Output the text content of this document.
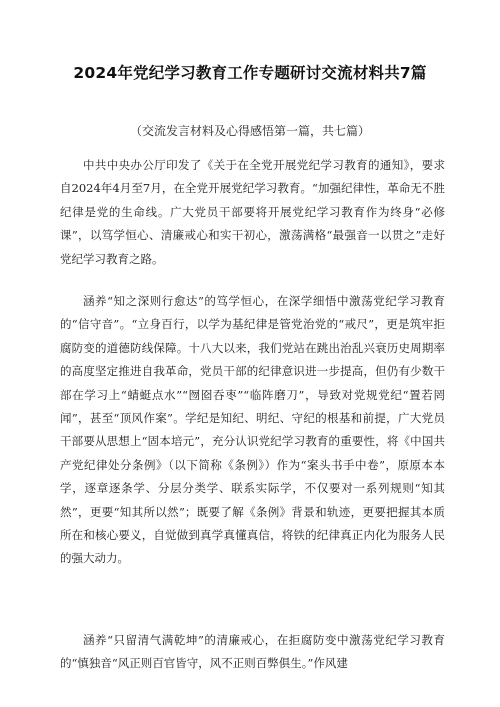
2024年党纪学习教育工作专题研讨交流材料共7篇
（交流发言材料及心得感悟第一篇，共七篇）

中共中央办公厅印发了《关于在全党开展党纪学习教育的通知》，要求自2024年4月至7月，在全党开展党纪学习教育。“加强纪律性，革命无不胜纪律是党的生命线。广大党员干部要将开展党纪学习教育作为终身“必修课”，以笃学恒心、清廉戒心和实干初心，激荡满格“最强音一以贯之”走好党纪学习教育之路。

涵养“知之深则行愈达”的笃学恒心，在深学细悟中激荡党纪学习教育的“信守音”。“立身百行，以学为基纪律是管党治党的“戒尺”，更是筑牢拒腐防变的道德防线保障。十八大以来，我们党站在跳出治乱兴衰历史周期率的高度坚定推进自我革命，党员干部的纪律意识进一步提高，但仍有少数干部在学习上“蜻蜓点水”“囫囵吞枣”“临阵磨刀”，导致对党规党纪“置若罔闻”，甚至“顶风作案”。学纪是知纪、明纪、守纪的根基和前提，广大党员干部要从思想上“固本培元”，充分认识党纪学习教育的重要性，将《中国共产党纪律处分条例》（以下简称《条例》）作为“案头书手中卷”，原原本本学，逐章逐条学、分层分类学、联系实际学，不仅要对一系列规则“知其然”，更要“知其所以然”；既要了解《条例》背景和轨迹，更要把握其本质所在和核心要义，自觉做到真学真懂真信，将铁的纪律真正内化为服务人民的强大动力。

涵养“只留清气满乾坤”的清廉戒心，在拒腐防变中激荡党纪学习教育的“慎独音“风正则百官皆守，风不正则百弊俱生。”作风建
